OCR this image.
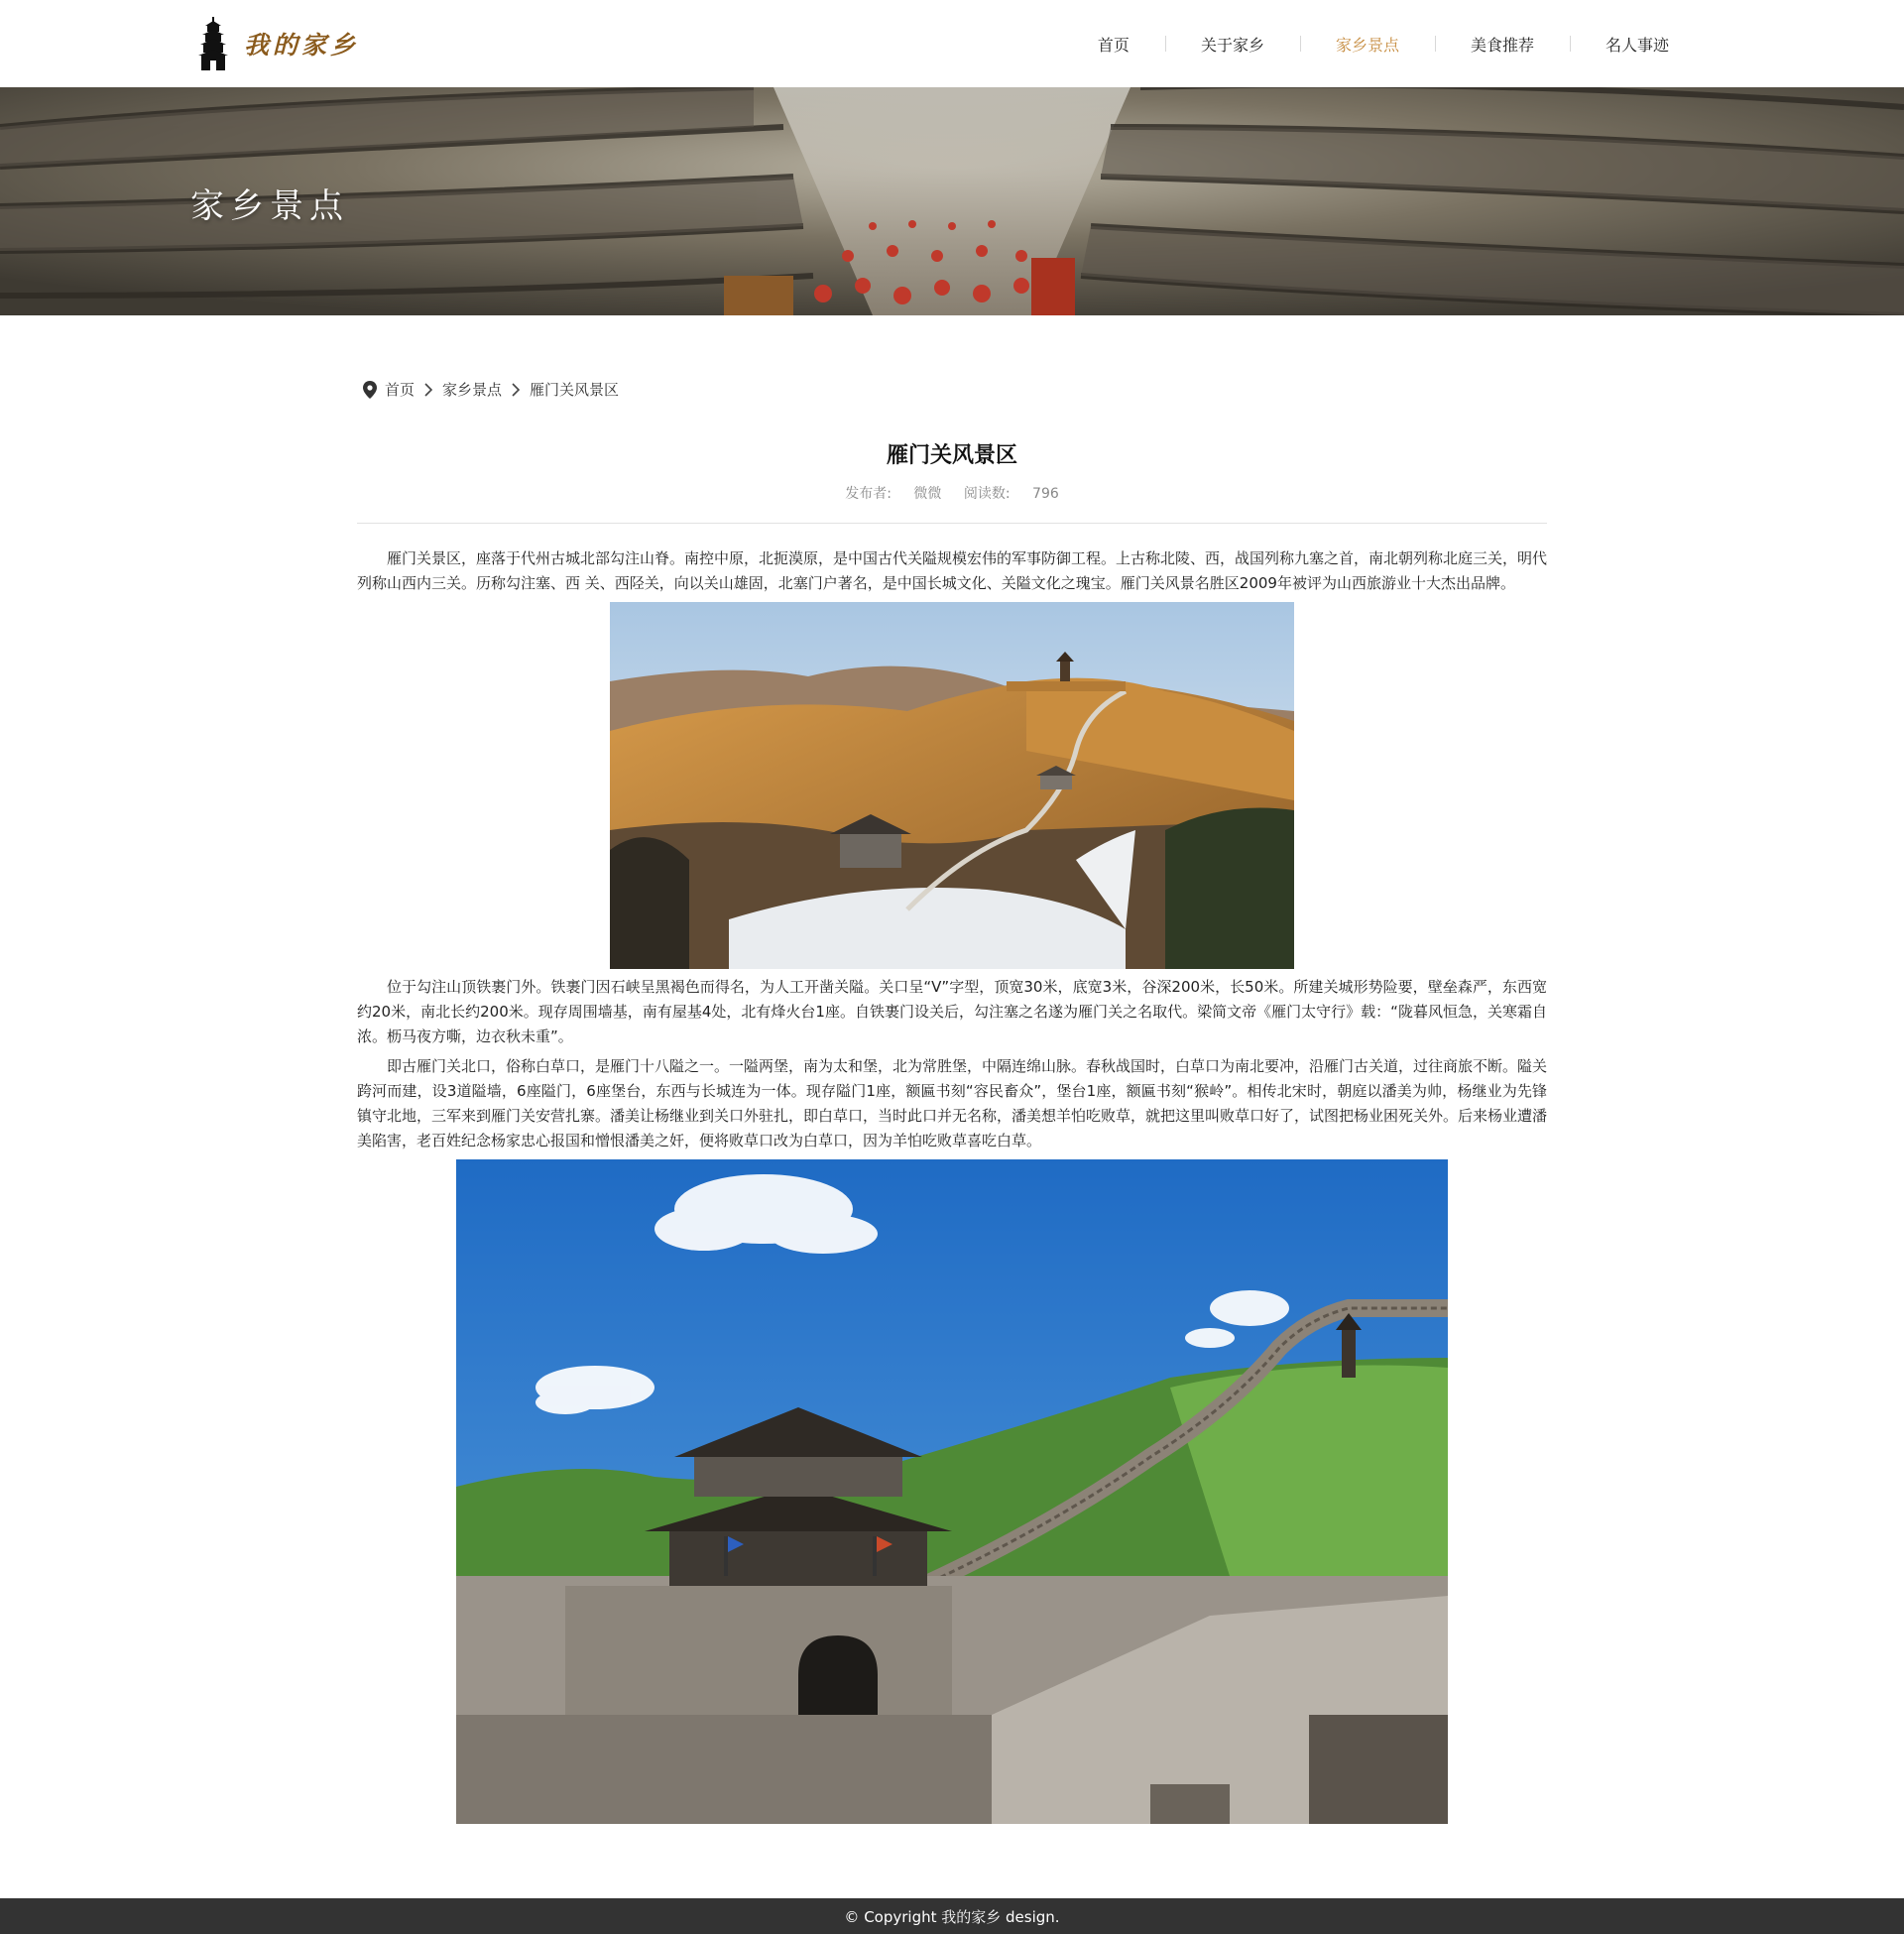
我的家乡	首页	关于家乡	家乡景点	美食推荐	名人事迹
家乡景点
首页 家乡景点 雁门关风景区
雁门关风景区
发布者: 微微 阅读数: 796

雁门关景区，座落于代州古城北部勾注山脊。南控中原，北扼漠原，是中国古代关隘规模宏伟的军事防御工程。上古称北陵、西，战国列称九塞之首，南北朝列称北庭三关，明代列称山西内三关。历称勾注塞、西 关、西陉关，向以关山雄固，北塞门户著名，是中国长城文化、关隘文化之瑰宝。雁门关风景名胜区2009年被评为山西旅游业十大杰出品牌。

位于勾注山顶铁裹门外。铁裹门因石峡呈黑褐色而得名，为人工开凿关隘。关口呈“V”字型，顶宽30米，底宽3米，谷深200米，长50米。所建关城形势险要，壁垒森严，东西宽约20米，南北长约200米。现存周围墙基，南有屋基4处，北有烽火台1座。自铁裹门设关后，勾注塞之名遂为雁门关之名取代。梁简文帝《雁门太守行》载：“陇暮风恒急，关寒霜自浓。枥马夜方嘶，边衣秋未重”。

即古雁门关北口，俗称白草口，是雁门十八隘之一。一隘两堡，南为太和堡，北为常胜堡，中隔连绵山脉。春秋战国时，白草口为南北要冲，沿雁门古关道，过往商旅不断。隘关跨河而建，设3道隘墙，6座隘门，6座堡台，东西与长城连为一体。现存隘门1座，额匾书刻“容民畜众”，堡台1座，额匾书刻“猴岭”。相传北宋时，朝庭以潘美为帅，杨继业为先锋镇守北地，三军来到雁门关安营扎寨。潘美让杨继业到关口外驻扎，即白草口，当时此口并无名称，潘美想羊怕吃败草，就把这里叫败草口好了，试图把杨业困死关外。后来杨业遭潘美陷害，老百姓纪念杨家忠心报国和憎恨潘美之奸，便将败草口改为白草口，因为羊怕吃败草喜吃白草。

© Copyright 我的家乡 design.
